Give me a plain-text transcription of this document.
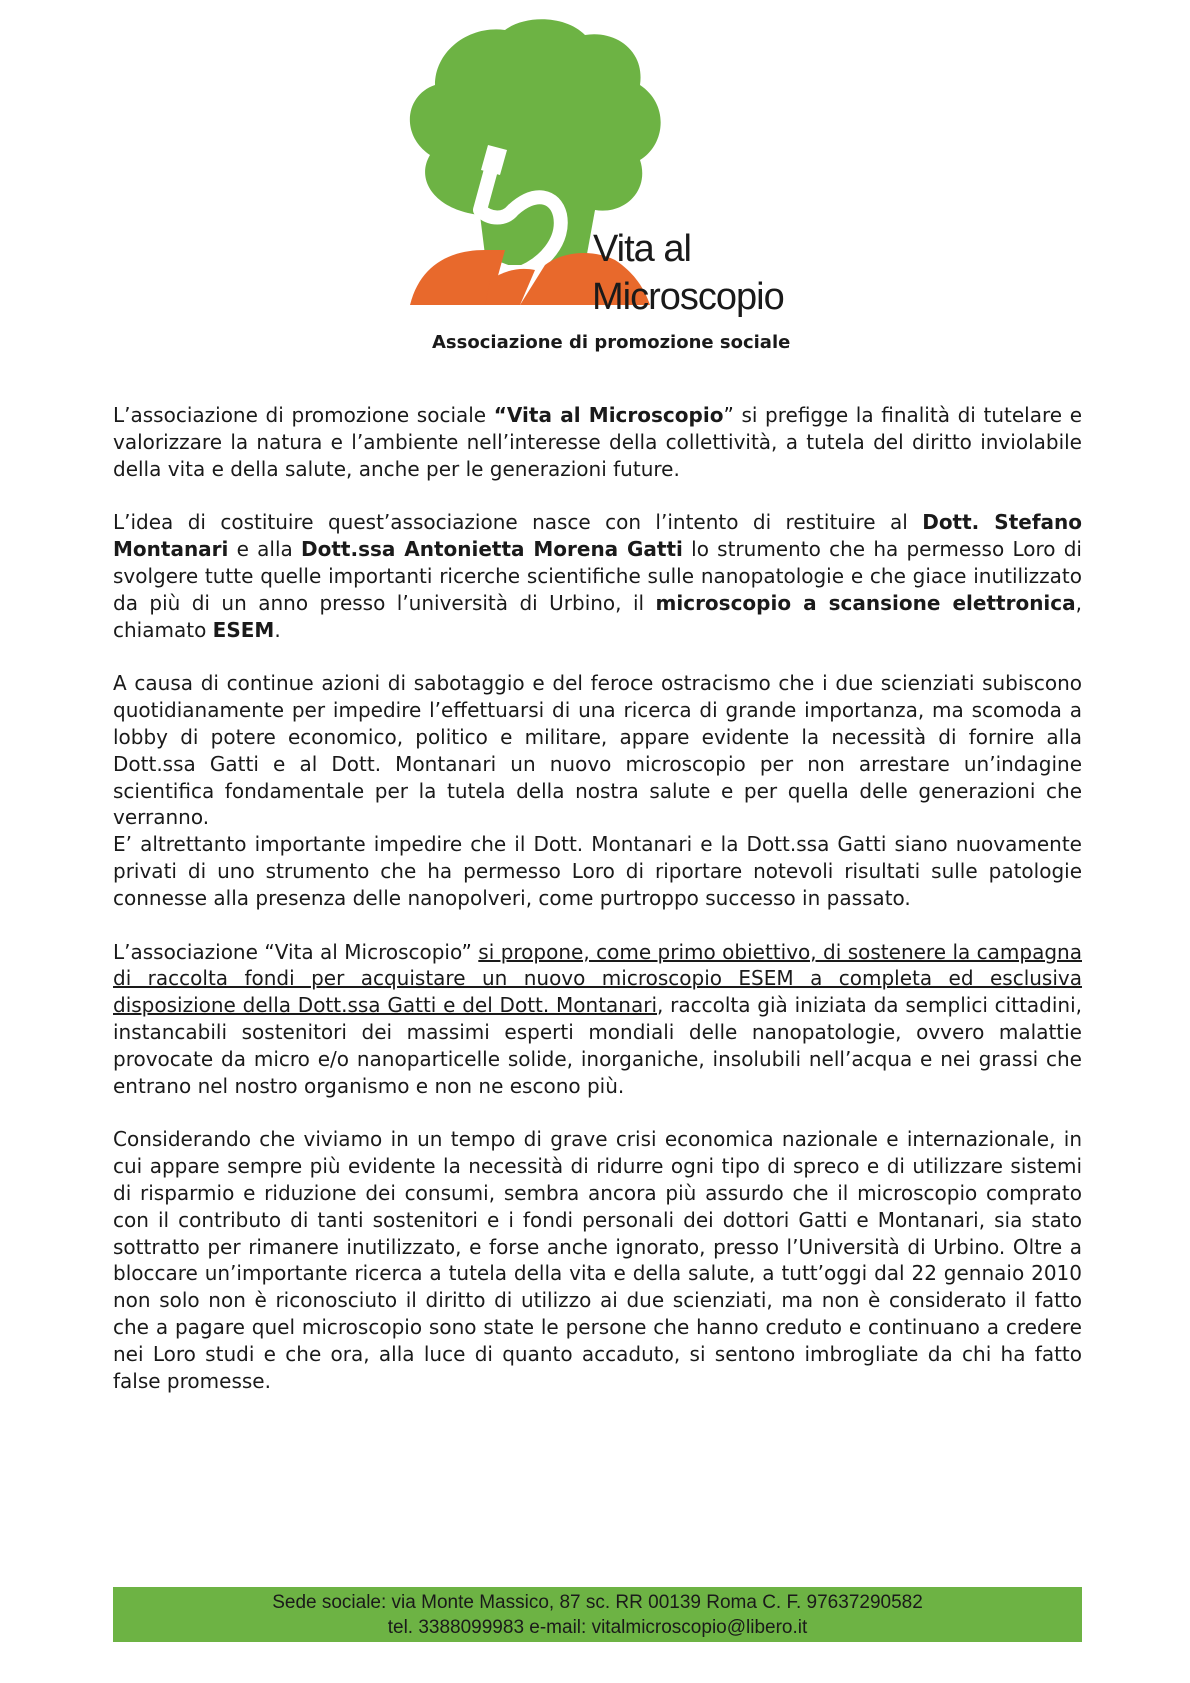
Vita al
Microscopio
Associazione di promozione sociale

L’associazione di promozione sociale “Vita al Microscopio” si prefigge la finalità di tutelare e valorizzare la natura e l’ambiente nell’interesse della collettività, a tutela del diritto inviolabile della vita e della salute, anche per le generazioni future.

L’idea di costituire quest’associazione nasce con l’intento di restituire al Dott. Stefano Montanari e alla Dott.ssa Antonietta Morena Gatti lo strumento che ha permesso Loro di svolgere tutte quelle importanti ricerche scientifiche sulle nanopatologie e che giace inutilizzato da più di un anno presso l’università di Urbino, il microscopio a scansione elettronica, chiamato ESEM.

A causa di continue azioni di sabotaggio e del feroce ostracismo che i due scienziati subiscono quotidianamente per impedire l’effettuarsi di una ricerca di grande importanza, ma scomoda a lobby di potere economico, politico e militare, appare evidente la necessità di fornire alla Dott.ssa Gatti e al Dott. Montanari un nuovo microscopio per non arrestare un’indagine scientifica fondamentale per la tutela della nostra salute e per quella delle generazioni che verranno.

E’ altrettanto importante impedire che il Dott. Montanari e la Dott.ssa Gatti siano nuovamente privati di uno strumento che ha permesso Loro di riportare notevoli risultati sulle patologie connesse alla presenza delle nanopolveri, come purtroppo successo in passato.

L’associazione “Vita al Microscopio” si propone, come primo obiettivo, di sostenere la campagna di raccolta fondi per acquistare un nuovo microscopio ESEM a completa ed esclusiva disposizione della Dott.ssa Gatti e del Dott. Montanari, raccolta già iniziata da semplici cittadini, instancabili sostenitori dei massimi esperti mondiali delle nanopatologie, ovvero malattie provocate da micro e/o nanoparticelle solide, inorganiche, insolubili nell’acqua e nei grassi che entrano nel nostro organismo e non ne escono più.

Considerando che viviamo in un tempo di grave crisi economica nazionale e internazionale, in cui appare sempre più evidente la necessità di ridurre ogni tipo di spreco e di utilizzare sistemi di risparmio e riduzione dei consumi, sembra ancora più assurdo che il microscopio comprato con il contributo di tanti sostenitori e i fondi personali dei dottori Gatti e Montanari, sia stato sottratto per rimanere inutilizzato, e forse anche ignorato, presso l’Università di Urbino. Oltre a bloccare un’importante ricerca a tutela della vita e della salute, a tutt’oggi dal 22 gennaio 2010 non solo non è riconosciuto il diritto di utilizzo ai due scienziati, ma non è considerato il fatto che a pagare quel microscopio sono state le persone che hanno creduto e continuano a credere nei Loro studi e che ora, alla luce di quanto accaduto, si sentono imbrogliate da chi ha fatto false promesse.

Sede sociale: via Monte Massico, 87 sc. RR 00139 Roma C. F. 97637290582
tel. 3388099983 e-mail: vitalmicroscopio@libero.it
